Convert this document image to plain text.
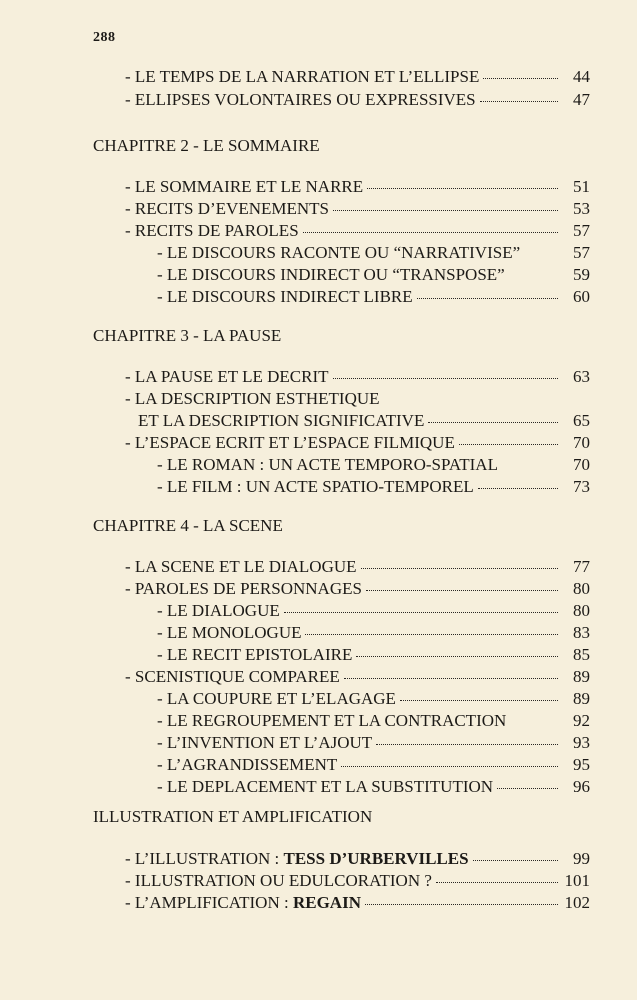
288
- LE TEMPS DE LA NARRATION ET L’ELLIPSE	44
- ELLIPSES VOLONTAIRES OU EXPRESSIVES	47
CHAPITRE 2 - LE SOMMAIRE
- LE SOMMAIRE ET LE NARRE	51
- RECITS D’EVENEMENTS	53
- RECITS DE PAROLES	57
- LE DISCOURS RACONTE OU “NARRATIVISE”	57
- LE DISCOURS INDIRECT OU “TRANSPOSE”	59
- LE DISCOURS INDIRECT LIBRE	60
CHAPITRE 3 - LA PAUSE
- LA PAUSE ET LE DECRIT	63
- LA DESCRIPTION ESTHETIQUE
ET LA DESCRIPTION SIGNIFICATIVE	65
- L’ESPACE ECRIT ET L’ESPACE FILMIQUE	70
- LE ROMAN : UN ACTE TEMPORO-SPATIAL	70
- LE FILM : UN ACTE SPATIO-TEMPOREL	73
CHAPITRE 4 - LA SCENE
- LA SCENE ET LE DIALOGUE	77
- PAROLES DE PERSONNAGES	80
- LE DIALOGUE	80
- LE MONOLOGUE	83
- LE RECIT EPISTOLAIRE	85
- SCENISTIQUE COMPAREE	89
- LA COUPURE ET L’ELAGAGE	89
- LE REGROUPEMENT ET LA CONTRACTION	92
- L’INVENTION ET L’AJOUT	93
- L’AGRANDISSEMENT	95
- LE DEPLACEMENT ET LA SUBSTITUTION	96
ILLUSTRATION ET AMPLIFICATION
- L’ILLUSTRATION : TESS D’URBERVILLES	99
- ILLUSTRATION OU EDULCORATION ?	101
- L’AMPLIFICATION : REGAIN	102
